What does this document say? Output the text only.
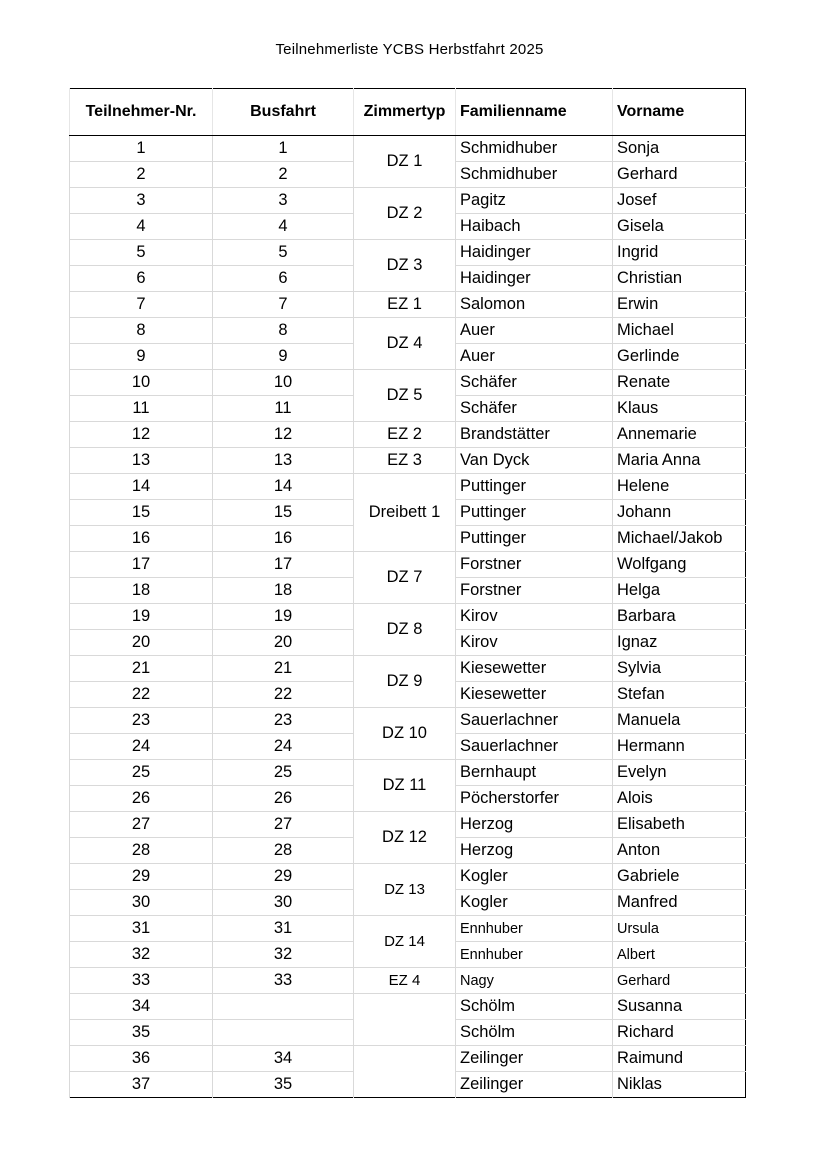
Teilnehmerliste YCBS Herbstfahrt 2025
Teilnehmer-Nr.	Busfahrt	Zimmertyp	Familienname	Vorname
1	1	DZ 1	Schmidhuber	Sonja
2	2		Schmidhuber	Gerhard
3	3	DZ 2	Pagitz	Josef
4	4		Haibach	Gisela
5	5	DZ 3	Haidinger	Ingrid
6	6		Haidinger	Christian
7	7	EZ 1	Salomon	Erwin
8	8	DZ 4	Auer	Michael
9	9		Auer	Gerlinde
10	10	DZ 5	Schäfer	Renate
11	11		Schäfer	Klaus
12	12	EZ 2	Brandstätter	Annemarie
13	13	EZ 3	Van Dyck	Maria Anna
14	14	Dreibett 1	Puttinger	Helene
15	15		Puttinger	Johann
16	16		Puttinger	Michael/Jakob
17	17	DZ 7	Forstner	Wolfgang
18	18		Forstner	Helga
19	19	DZ 8	Kirov	Barbara
20	20		Kirov	Ignaz
21	21	DZ 9	Kiesewetter	Sylvia
22	22		Kiesewetter	Stefan
23	23	DZ 10	Sauerlachner	Manuela
24	24		Sauerlachner	Hermann
25	25	DZ 11	Bernhaupt	Evelyn
26	26		Pöcherstorfer	Alois
27	27	DZ 12	Herzog	Elisabeth
28	28		Herzog	Anton
29	29	DZ 13	Kogler	Gabriele
30	30		Kogler	Manfred
31	31	DZ 14	Ennhuber	Ursula
32	32		Ennhuber	Albert
33	33	EZ 4	Nagy	Gerhard
34			Schölm	Susanna
35			Schölm	Richard
36	34		Zeilinger	Raimund
37	35		Zeilinger	Niklas
